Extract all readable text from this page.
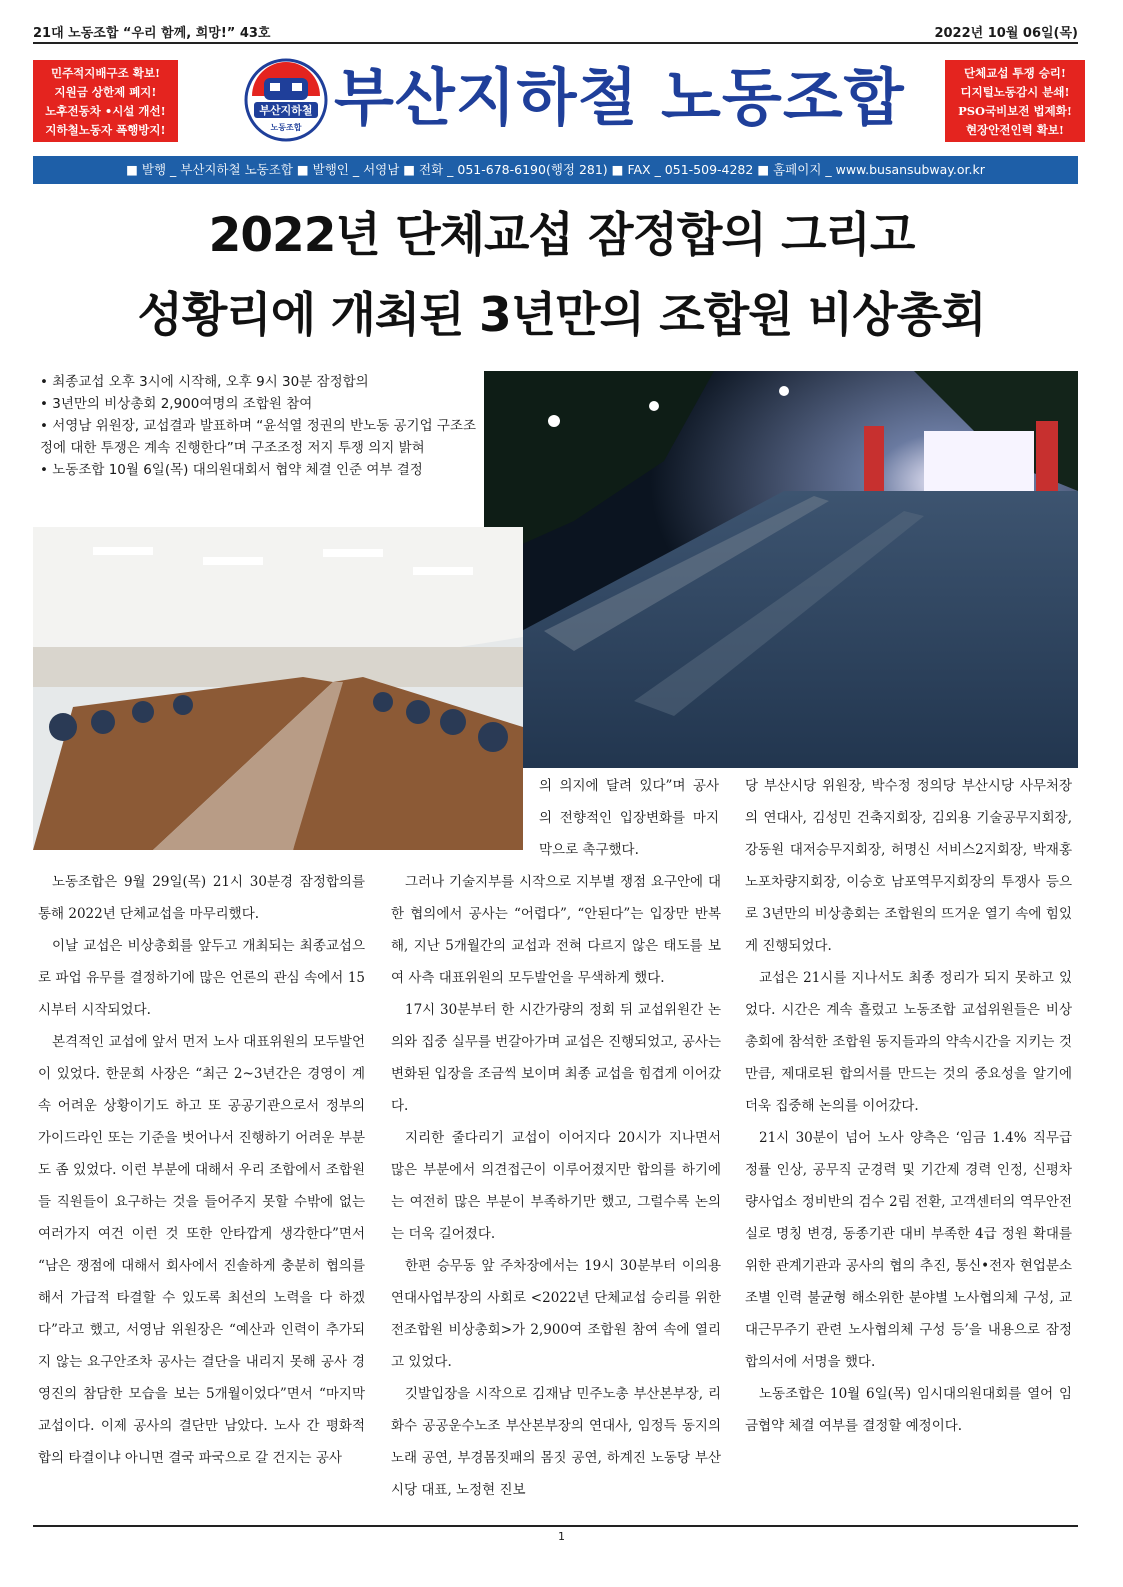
21대 노동조합 “우리 함께, 희망!” 43호	2022년 10월 06일(목)
민주적지배구조 확보!
지원금 상한제 폐지!
노후전동차 •시설 개선!
지하철노동자 폭행방지!
부산지하철
노동조합 부산지하철 노동조합	단체교섭 투쟁 승리!
디지털노동감시 분쇄!
PSO국비보전 법제화!
현장안전인력 확보!
■ 발행 _ 부산지하철 노동조합 ■ 발행인 _ 서영남 ■ 전화 _ 051-678-6190(행정 281) ■ FAX _ 051-509-4282 ■ 홈페이지 _ www.busansubway.or.kr
2022년 단체교섭 잠정합의 그리고
성황리에 개최된 3년만의 조합원 비상총회
• 최종교섭 오후 3시에 시작해, 오후 9시 30분 잠정합의
• 3년만의 비상총회 2,900여명의 조합원 참여
• 서영남 위원장, 교섭결과 발표하며 “윤석열 정권의 반노동 공기업 구조조정에 대한 투쟁은 계속 진행한다”며 구조조정 저지 투쟁 의지 밝혀
• 노동조합 10월 6일(목) 대의원대회서 협약 체결 인준 여부 결정

노동조합은 9월 29일(목) 21시 30분경 잠정합의를 통해 2022년 단체교섭을 마무리했다.

이날 교섭은 비상총회를 앞두고 개최되는 최종교섭으로 파업 유무를 결정하기에 많은 언론의 관심 속에서 15시부터 시작되었다.

본격적인 교섭에 앞서 먼저 노사 대표위원의 모두발언이 있었다. 한문희 사장은 “최근 2~3년간은 경영이 계속 어려운 상황이기도 하고 또 공공기관으로서 정부의 가이드라인 또는 기준을 벗어나서 진행하기 어려운 부분도 좀 있었다. 이런 부분에 대해서 우리 조합에서 조합원들 직원들이 요구하는 것을 들어주지 못할 수밖에 없는 여러가지 여건 이런 것 또한 안타깝게 생각한다”면서 “남은 쟁점에 대해서 회사에서 진솔하게 충분히 협의를 해서 가급적 타결할 수 있도록 최선의 노력을 다 하겠다”라고 했고, 서영남 위원장은 “예산과 인력이 추가되지 않는 요구안조차 공사는 결단을 내리지 못해 공사 경영진의 참담한 모습을 보는 5개월이었다”면서 “마지막 교섭이다. 이제 공사의 결단만 남았다. 노사 간 평화적 합의 타결이냐 아니면 결국 파국으로 갈 건지는 공사

의 의지에 달려 있다”며 공사의 전향적인 입장변화를 마지막으로 촉구했다.

그러나 기술지부를 시작으로 지부별 쟁점 요구안에 대한 협의에서 공사는 “어렵다”, “안된다”는 입장만 반복해, 지난 5개월간의 교섭과 전혀 다르지 않은 태도를 보여 사측 대표위원의 모두발언을 무색하게 했다.

17시 30분부터 한 시간가량의 정회 뒤 교섭위원간 논의와 집중 실무를 번갈아가며 교섭은 진행되었고, 공사는 변화된 입장을 조금씩 보이며 최종 교섭을 힘겹게 이어갔다.

지리한 줄다리기 교섭이 이어지다 20시가 지나면서 많은 부분에서 의견접근이 이루어졌지만 합의를 하기에는 여전히 많은 부분이 부족하기만 했고, 그럴수록 논의는 더욱 길어졌다.

한편 승무동 앞 주차장에서는 19시 30분부터 이의용 연대사업부장의 사회로 <2022년 단체교섭 승리를 위한 전조합원 비상총회>가 2,900여 조합원 참여 속에 열리고 있었다.

깃발입장을 시작으로 김재남 민주노총 부산본부장, 리화수 공공운수노조 부산본부장의 연대사, 임정득 동지의 노래 공연, 부경몸짓패의 몸짓 공연, 하계진 노동당 부산시당 대표, 노정현 진보

당 부산시당 위원장, 박수정 정의당 부산시당 사무처장의 연대사, 김성민 건축지회장, 김외용 기술공무지회장, 강동원 대저승무지회장, 허명신 서비스2지회장, 박재홍 노포차량지회장, 이승호 남포역무지회장의 투쟁사 등으로 3년만의 비상총회는 조합원의 뜨거운 열기 속에 힘있게 진행되었다.

교섭은 21시를 지나서도 최종 정리가 되지 못하고 있었다. 시간은 계속 흘렀고 노동조합 교섭위원들은 비상총회에 참석한 조합원 동지들과의 약속시간을 지키는 것 만큼, 제대로된 합의서를 만드는 것의 중요성을 알기에 더욱 집중해 논의를 이어갔다.

21시 30분이 넘어 노사 양측은 ‘임금 1.4% 직무급 정률 인상, 공무직 군경력 및 기간제 경력 인정, 신평차량사업소 정비반의 검수 2림 전환, 고객센터의 역무안전실로 명칭 변경, 동종기관 대비 부족한 4급 정원 확대를 위한 관계기관과 공사의 협의 추진, 통신•전자 현업분소 조별 인력 불균형 해소위한 분야별 노사협의체 구성, 교대근무주기 관련 노사협의체 구성 등’을 내용으로 잠정합의서에 서명을 했다.

노동조합은 10월 6일(목) 임시대의원대회를 열어 임금협약 체결 여부를 결정할 예정이다.

1
